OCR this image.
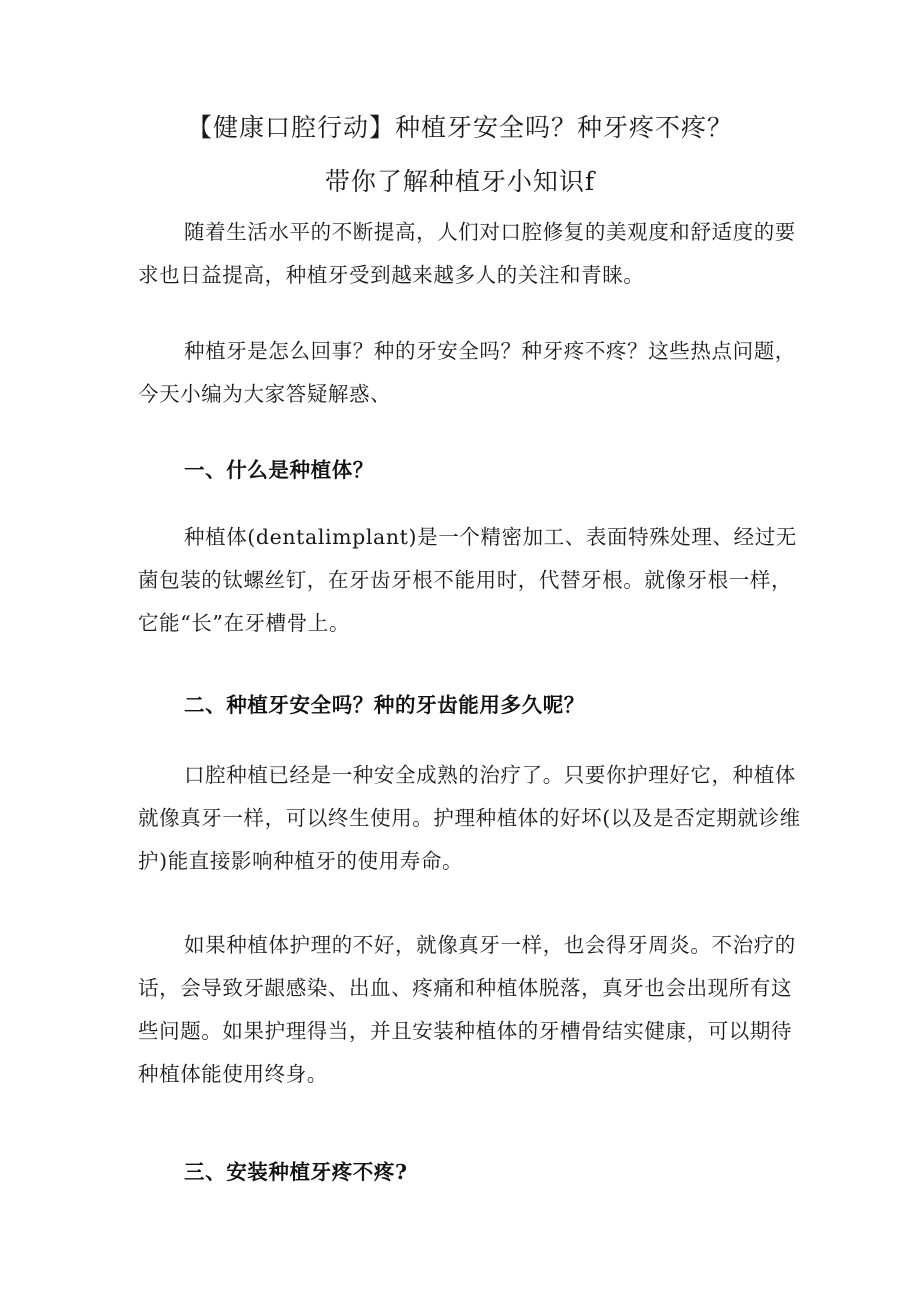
【健康口腔行动】种植牙安全吗？种牙疼不疼？
带你了解种植牙小知识f

随着生活水平的不断提高，人们对口腔修复的美观度和舒适度的要求也日益提高，种植牙受到越来越多人的关注和青睐。

种植牙是怎么回事？种的牙安全吗？种牙疼不疼？这些热点问题，今天小编为大家答疑解惑、

一、什么是种植体？

种植体(dentalimplant)是一个精密加工、表面特殊处理、经过无菌包装的钛螺丝钉，在牙齿牙根不能用时，代替牙根。就像牙根一样，它能“长”在牙槽骨上。

二、种植牙安全吗？种的牙齿能用多久呢？

口腔种植已经是一种安全成熟的治疗了。只要你护理好它，种植体就像真牙一样，可以终生使用。护理种植体的好坏(以及是否定期就诊维护)能直接影响种植牙的使用寿命。

如果种植体护理的不好，就像真牙一样，也会得牙周炎。不治疗的话，会导致牙龈感染、出血、疼痛和种植体脱落，真牙也会出现所有这些问题。如果护理得当，并且安装种植体的牙槽骨结实健康，可以期待种植体能使用终身。

三、安装种植牙疼不疼?
